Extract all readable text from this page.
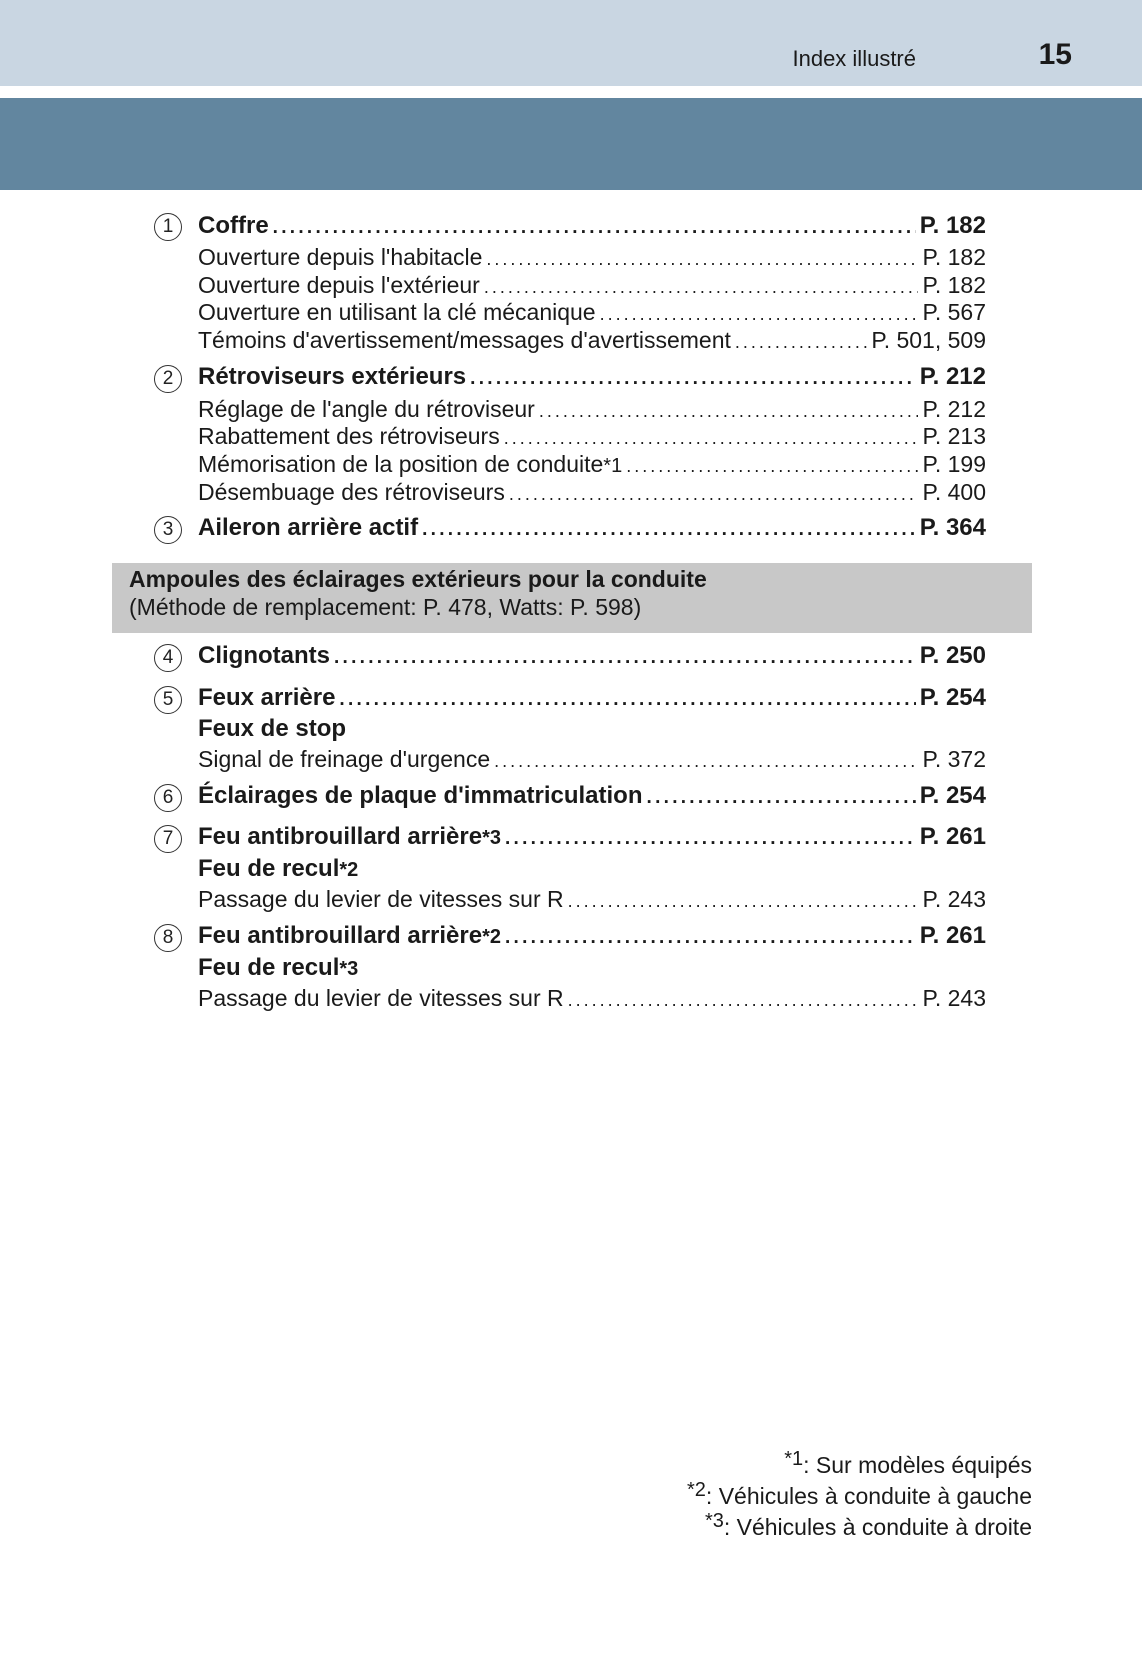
Index illustré	15
1	Coffre . . .	P. 182
Ouverture depuis l'habitacle . . .	P. 182
Ouverture depuis l'extérieur . . .	P. 182
Ouverture en utilisant la clé mécanique . . .	P. 567
Témoins d'avertissement/messages d'avertissement . . .	P. 501, 509
2	Rétroviseurs extérieurs . . .	P. 212
Réglage de l'angle du rétroviseur . . .	P. 212
Rabattement des rétroviseurs . . .	P. 213
Mémorisation de la position de conduite *1 . . .	P. 199
Désembuage des rétroviseurs . . .	P. 400
3	Aileron arrière actif . . .	P. 364
Ampoules des éclairages extérieurs pour la conduite
(Méthode de remplacement: P. 478, Watts: P. 598)
4	Clignotants . . .	P. 250
5	Feux arrière . . .	P. 254
Feux de stop
Signal de freinage d'urgence . . .	P. 372
6	Éclairages de plaque d'immatriculation . . .	P. 254
7	Feu antibrouillard arrière *3 . . .	P. 261
Feu de recul *2
Passage du levier de vitesses sur R . . .	P. 243
8	Feu antibrouillard arrière *2 . . .	P. 261
Feu de recul *3
Passage du levier de vitesses sur R . . .	P. 243
$^{*1}$: Sur modèles équipés
$^{*2}$: Véhicules à conduite à gauche
$^{*3}$: Véhicules à conduite à droite
